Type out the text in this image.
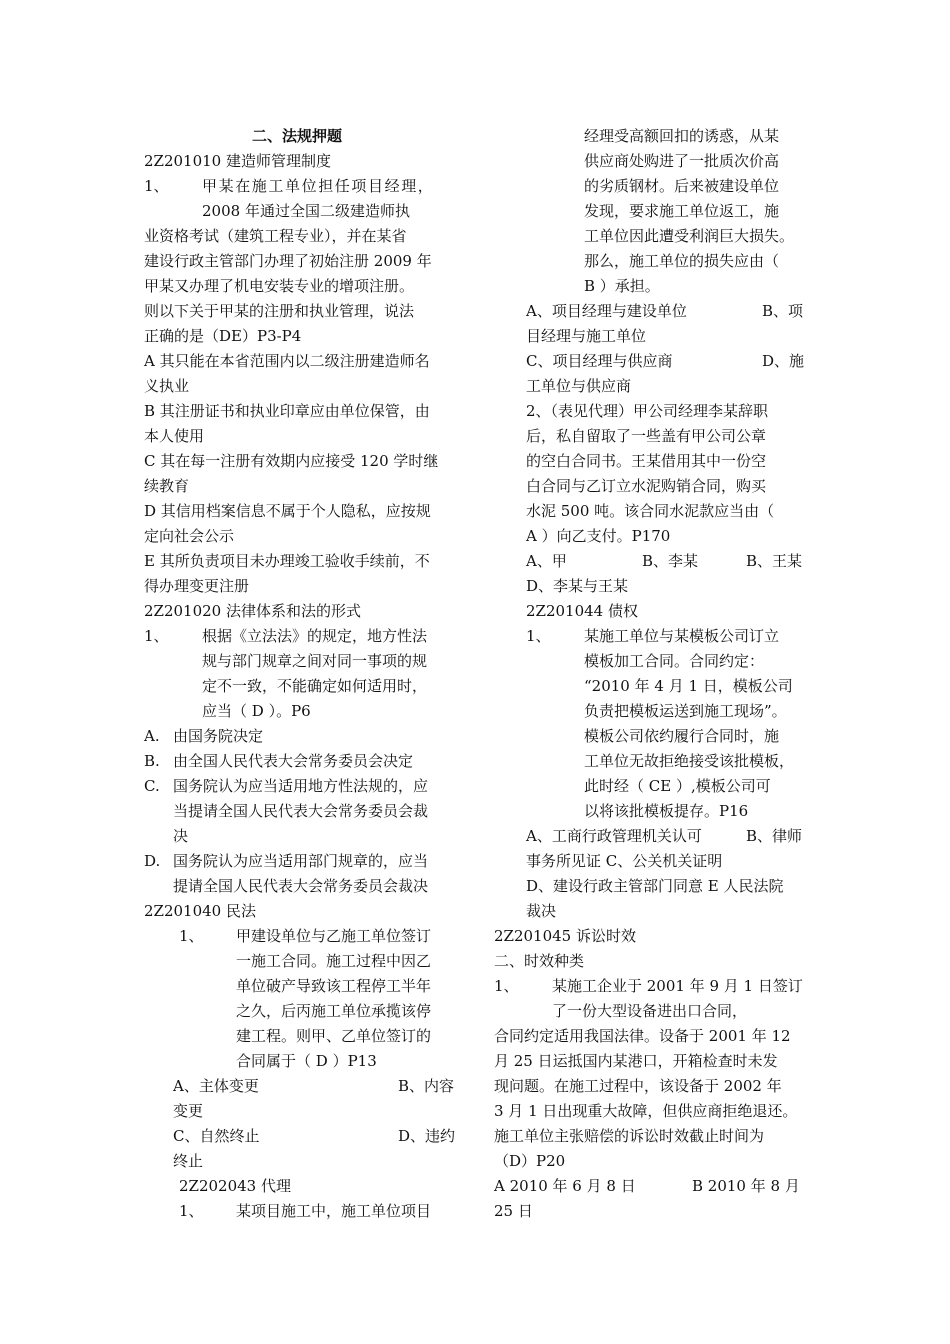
二、法规押题
2Z201010 建造师管理制度
1、 甲某在施工单位担任项目经理，
2008 年通过全国二级建造师执
业资格考试（建筑工程专业），并在某省
建设行政主管部门办理了初始注册 2009 年
甲某又办理了机电安装专业的增项注册。
则以下关于甲某的注册和执业管理，说法
正确的是（DE）P3-P4
A 其只能在本省范围内以二级注册建造师名
义执业
B 其注册证书和执业印章应由单位保管，由
本人使用
C 其在每一注册有效期内应接受 120 学时继
续教育
D 其信用档案信息不属于个人隐私，应按规
定向社会公示
E 其所负责项目未办理竣工验收手续前，不
得办理变更注册
2Z201020 法律体系和法的形式
1、 根据《立法法》的规定，地方性法
规与部门规章之间对同一事项的规
定不一致，不能确定如何适用时，
应当（ D ）。P6
A. 由国务院决定
B. 由全国人民代表大会常务委员会决定
C. 国务院认为应当适用地方性法规的，应
当提请全国人民代表大会常务委员会裁
决
D. 国务院认为应当适用部门规章的，应当
提请全国人民代表大会常务委员会裁决
2Z201040 民法
1、 甲建设单位与乙施工单位签订
一施工合同。施工过程中因乙
单位破产导致该工程停工半年
之久，后丙施工单位承揽该停
建工程。则甲、乙单位签订的
合同属于（ D ）P13
A、主体变更	B、内容
变更
C、自然终止	D、违约
终止
2Z202043 代理
1、 某项目施工中，施工单位项目
经理受高额回扣的诱惑，从某
供应商处购进了一批质次价高
的劣质钢材。后来被建设单位
发现，要求施工单位返工，施
工单位因此遭受利润巨大损失。
那么，施工单位的损失应由（
B ）承担。
A、项目经理与建设单位	B、项
目经理与施工单位
C、项目经理与供应商	D、施
工单位与供应商
2、（表见代理）甲公司经理李某辞职
后，私自留取了一些盖有甲公司公章
的空白合同书。王某借用其中一份空
白合同与乙订立水泥购销合同，购买
水泥 500 吨。该合同水泥款应当由（
A ）向乙支付。P170
A、甲	B、李某	B、王某
D、李某与王某
2Z201044 债权
1、 某施工单位与某模板公司订立
模板加工合同。合同约定：
“2010 年 4 月 1 日，模板公司
负责把模板运送到施工现场”。
模板公司依约履行合同时，施
工单位无故拒绝接受该批模板，
此时经（ CE ）,模板公司可
以将该批模板提存。P16
A、工商行政管理机关认可	B、律师
事务所见证 C、公关机关证明
D、建设行政主管部门同意 E 人民法院
裁决
2Z201045 诉讼时效
二、时效种类
1、 某施工企业于 2001 年 9 月 1 日签订
了一份大型设备进出口合同，
合同约定适用我国法律。设备于 2001 年 12
月 25 日运抵国内某港口，开箱检查时未发
现问题。在施工过程中，该设备于 2002 年
3 月 1 日出现重大故障，但供应商拒绝退还。
施工单位主张赔偿的诉讼时效截止时间为
（D）P20
A 2010 年 6 月 8 日	B 2010 年 8 月
25 日
